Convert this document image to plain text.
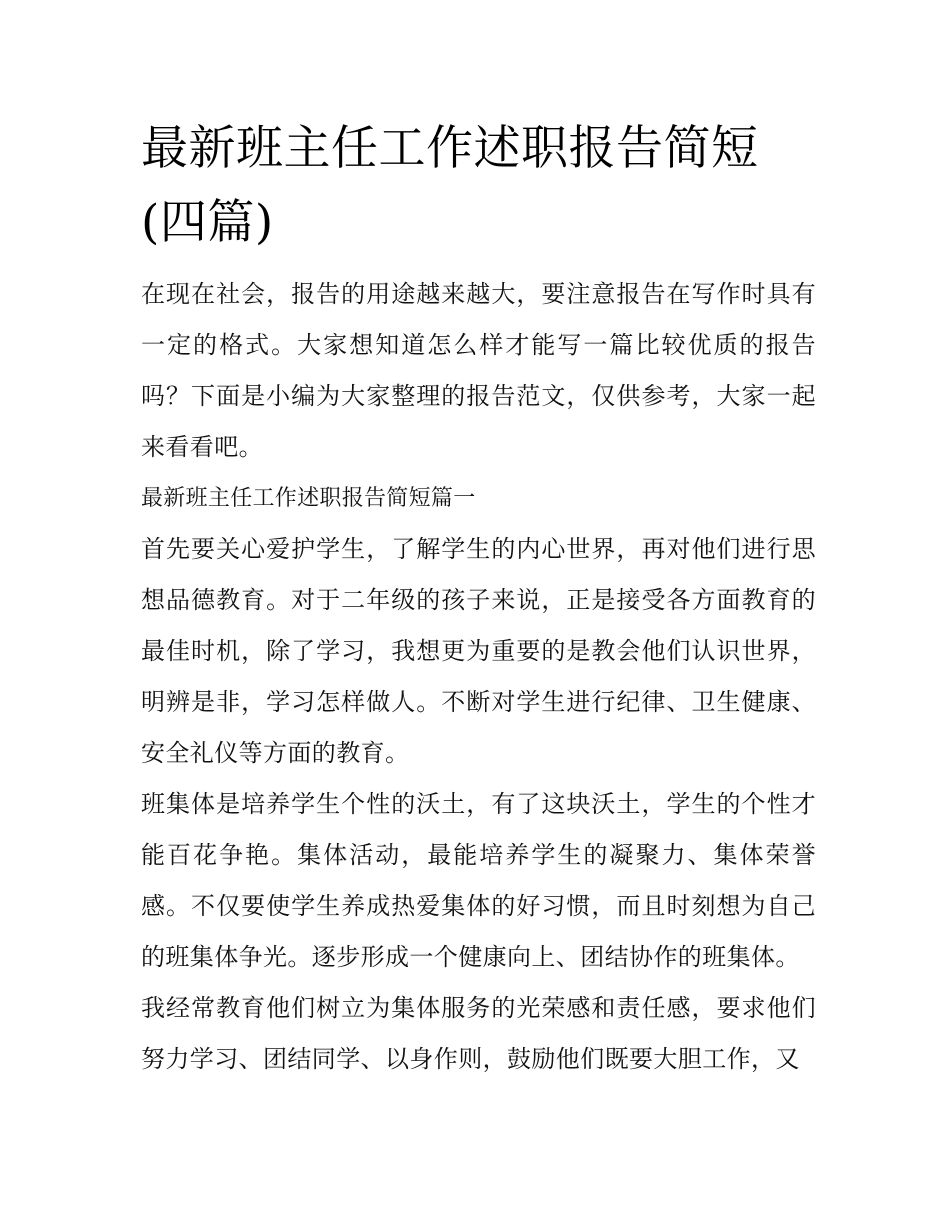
最新班主任工作述职报告简短(四篇)

在现在社会，报告的用途越来越大，要注意报告在写作时具有一定的格式。大家想知道怎么样才能写一篇比较优质的报告吗？下面是小编为大家整理的报告范文，仅供参考，大家一起来看看吧。

最新班主任工作述职报告简短篇一

首先要关心爱护学生，了解学生的内心世界，再对他们进行思想品德教育。对于二年级的孩子来说，正是接受各方面教育的最佳时机，除了学习，我想更为重要的是教会他们认识世界，明辨是非，学习怎样做人。不断对学生进行纪律、卫生健康、安全礼仪等方面的教育。

班集体是培养学生个性的沃土，有了这块沃土，学生的个性才能百花争艳。集体活动，最能培养学生的凝聚力、集体荣誉感。不仅要使学生养成热爱集体的好习惯，而且时刻想为自己的班集体争光。逐步形成一个健康向上、团结协作的班集体。

我经常教育他们树立为集体服务的光荣感和责任感，要求他们努力学习、团结同学、以身作则，鼓励他们既要大胆工作，又
